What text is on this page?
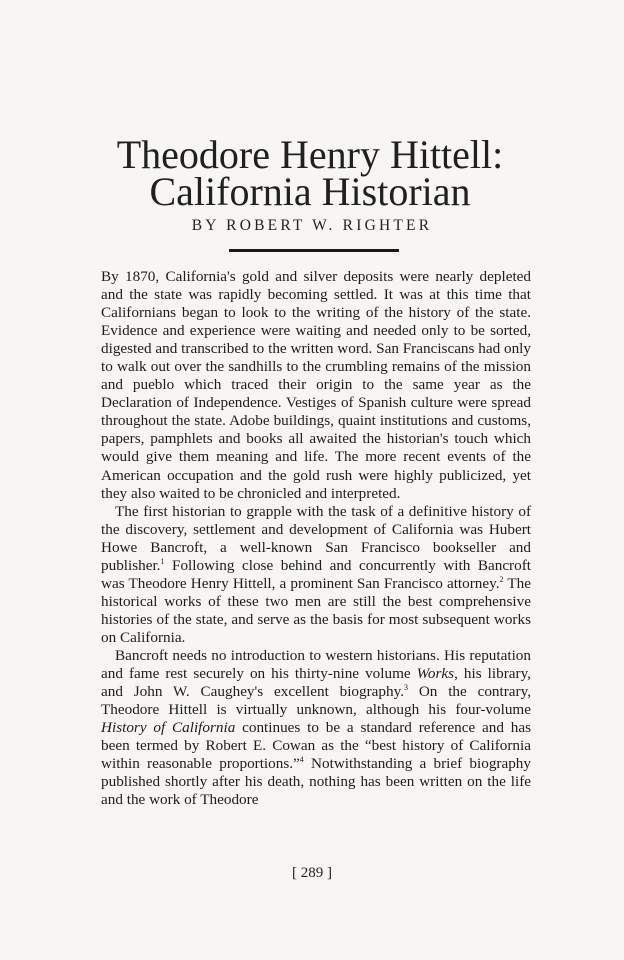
Theodore Henry Hittell:
California Historian
BY ROBERT W. RIGHTER

By 1870, California's gold and silver deposits were nearly depleted and the state was rapidly becoming settled. It was at this time that Californians began to look to the writing of the history of the state. Evidence and experience were waiting and needed only to be sorted, digested and transcribed to the written word. San Franciscans had only to walk out over the sandhills to the crumbling remains of the mission and pueblo which traced their origin to the same year as the Declaration of Independence. Vestiges of Spanish culture were spread throughout the state. Adobe buildings, quaint institutions and customs, papers, pamphlets and books all awaited the historian's touch which would give them meaning and life. The more recent events of the American occupation and the gold rush were highly publicized, yet they also waited to be chronicled and interpreted.

The first historian to grapple with the task of a definitive history of the discovery, settlement and development of California was Hubert Howe Bancroft, a well-known San Francisco bookseller and publisher.$^1$ Following close behind and concurrently with Bancroft was Theodore Henry Hittell, a prominent San Francisco attorney.$^2$ The historical works of these two men are still the best comprehensive histories of the state, and serve as the basis for most subsequent works on California.

Bancroft needs no introduction to western historians. His reputation and fame rest securely on his thirty-nine volume Works, his library, and John W. Caughey's excellent biography.$^3$ On the contrary, Theodore Hittell is virtually unknown, although his four-volume History of California continues to be a standard reference and has been termed by Robert E. Cowan as the “best history of California within reasonable proportions.”$^4$ Notwithstanding a brief biography published shortly after his death, nothing has been written on the life and the work of Theodore

[ 289 ]
